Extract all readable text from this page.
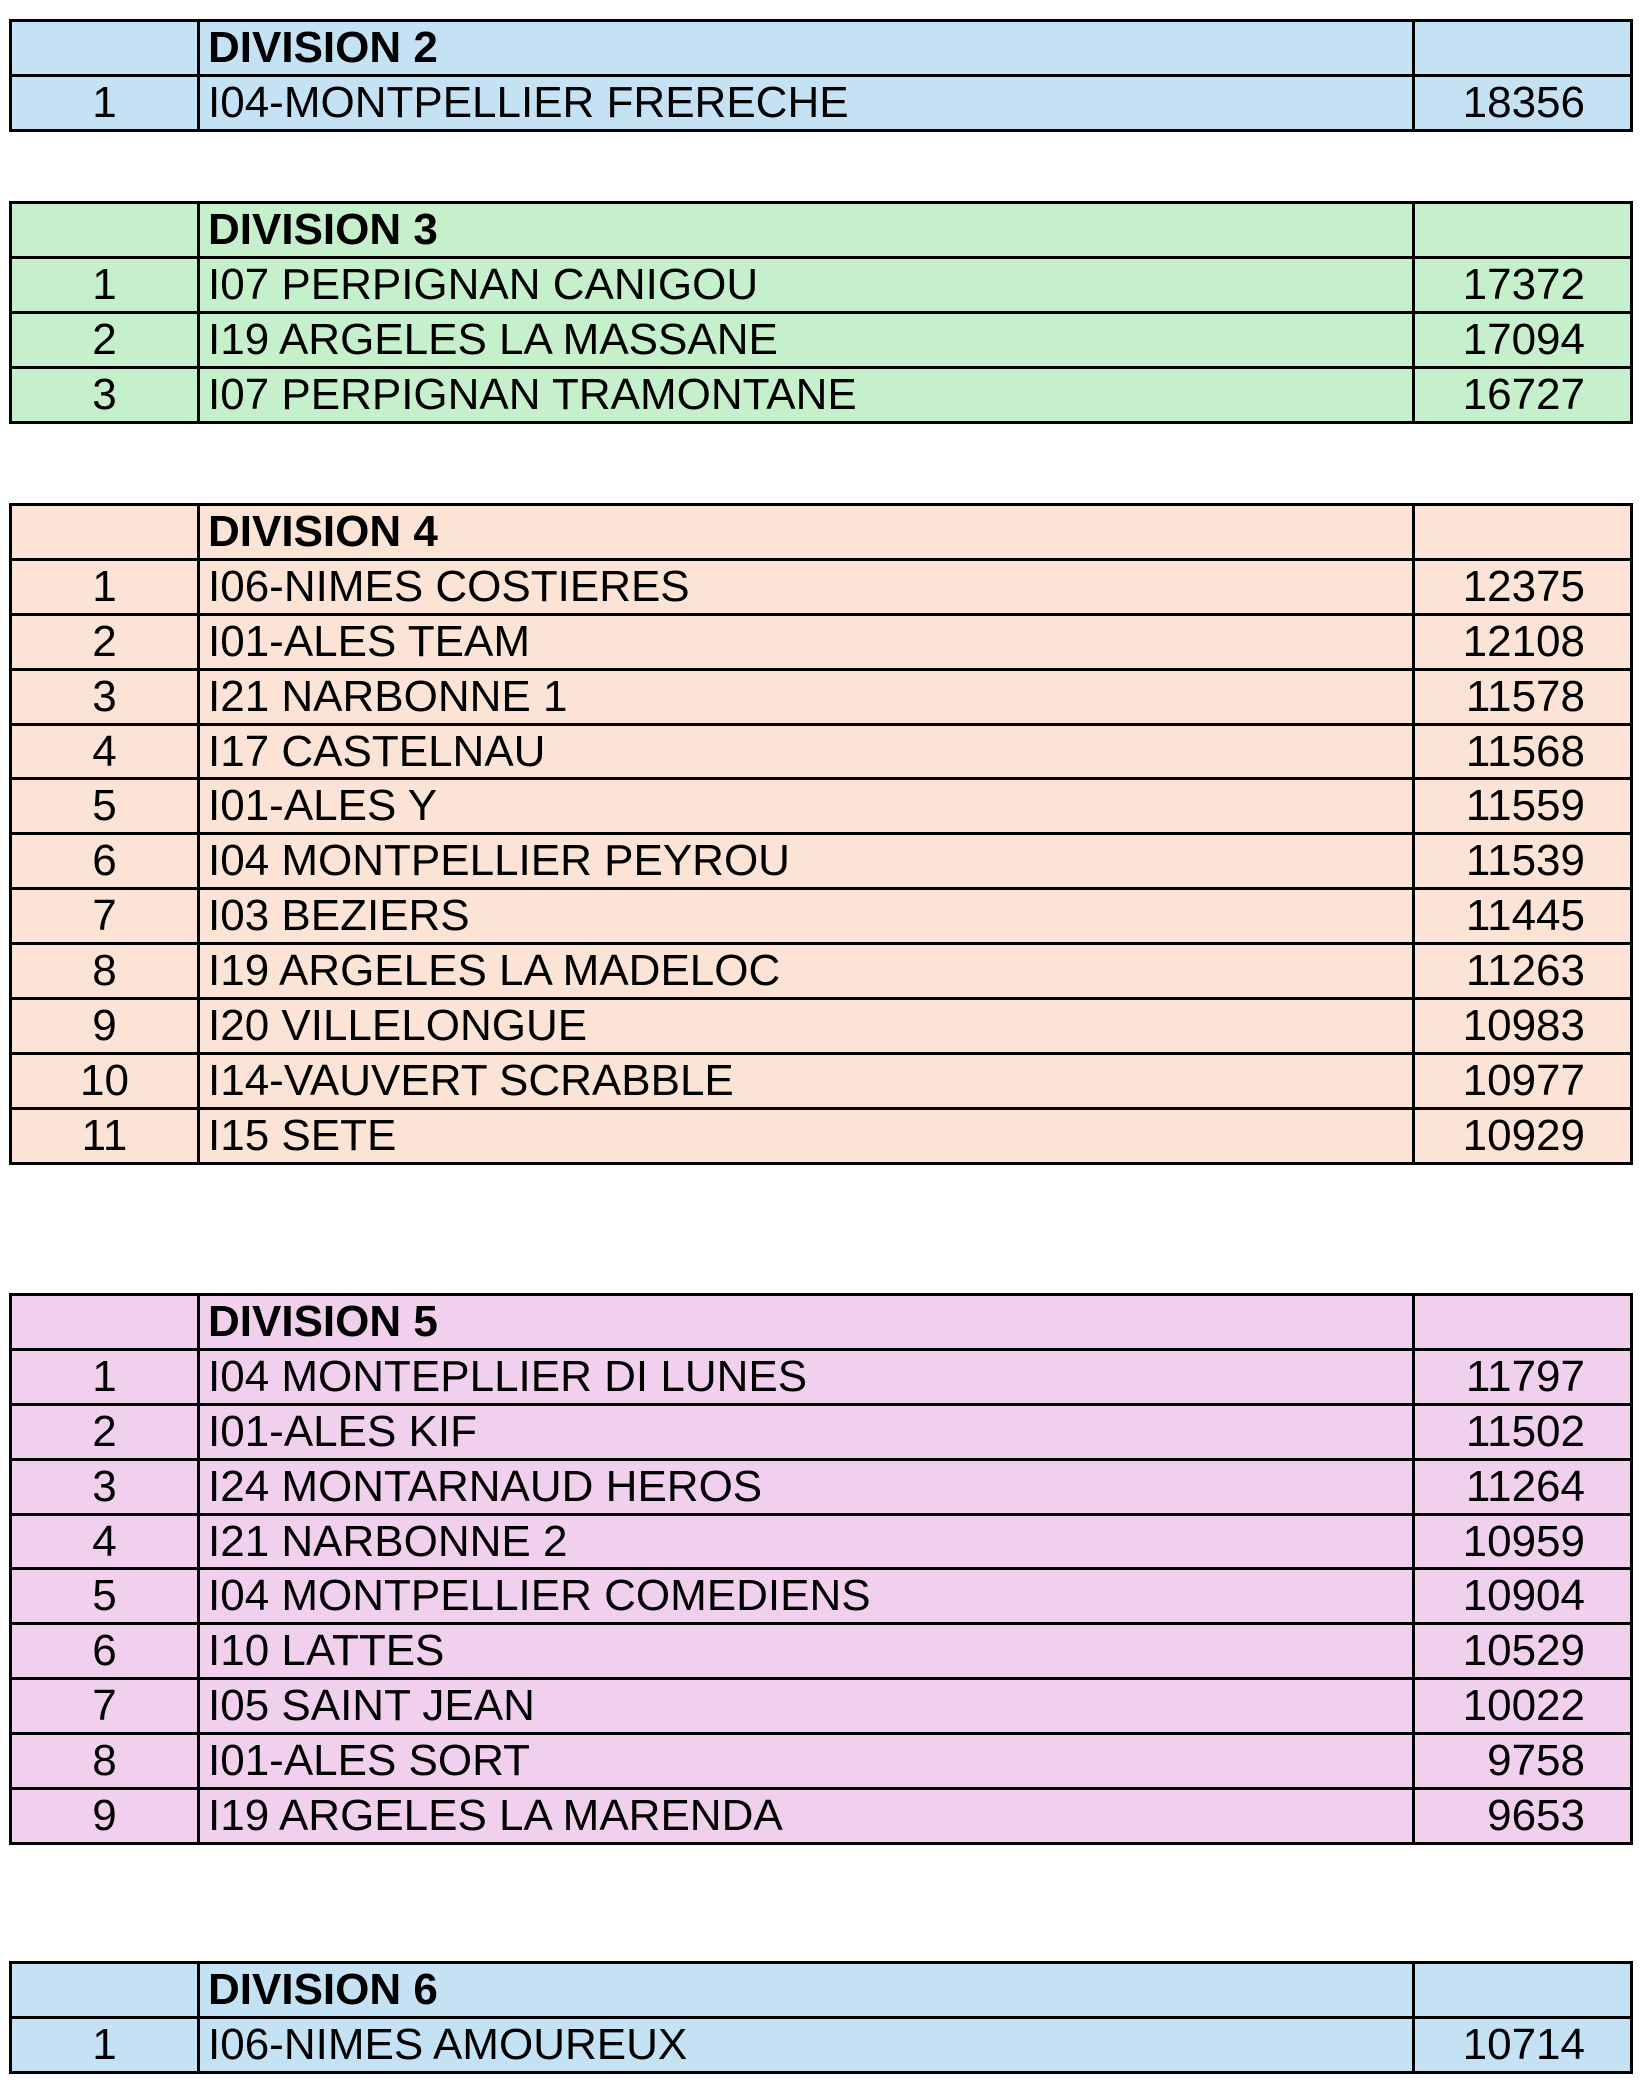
	DIVISION 2	
1	I04-MONTPELLIER FRERECHE	18356
	DIVISION 3	
1	I07 PERPIGNAN CANIGOU	17372
2	I19 ARGELES LA MASSANE	17094
3	I07 PERPIGNAN TRAMONTANE	16727
	DIVISION 4	
1	I06-NIMES COSTIERES	12375
2	I01-ALES TEAM	12108
3	I21 NARBONNE 1	11578
4	I17 CASTELNAU	11568
5	I01-ALES Y	11559
6	I04 MONTPELLIER PEYROU	11539
7	I03 BEZIERS	11445
8	I19 ARGELES LA MADELOC	11263
9	I20 VILLELONGUE	10983
10	I14-VAUVERT SCRABBLE	10977
11	I15 SETE	10929
	DIVISION 5	
1	I04 MONTEPLLIER DI LUNES	11797
2	I01-ALES KIF	11502
3	I24 MONTARNAUD HEROS	11264
4	I21 NARBONNE 2	10959
5	I04 MONTPELLIER COMEDIENS	10904
6	I10 LATTES	10529
7	I05 SAINT JEAN	10022
8	I01-ALES SORT	9758
9	I19 ARGELES LA MARENDA	9653
	DIVISION 6	
1	I06-NIMES AMOUREUX	10714
